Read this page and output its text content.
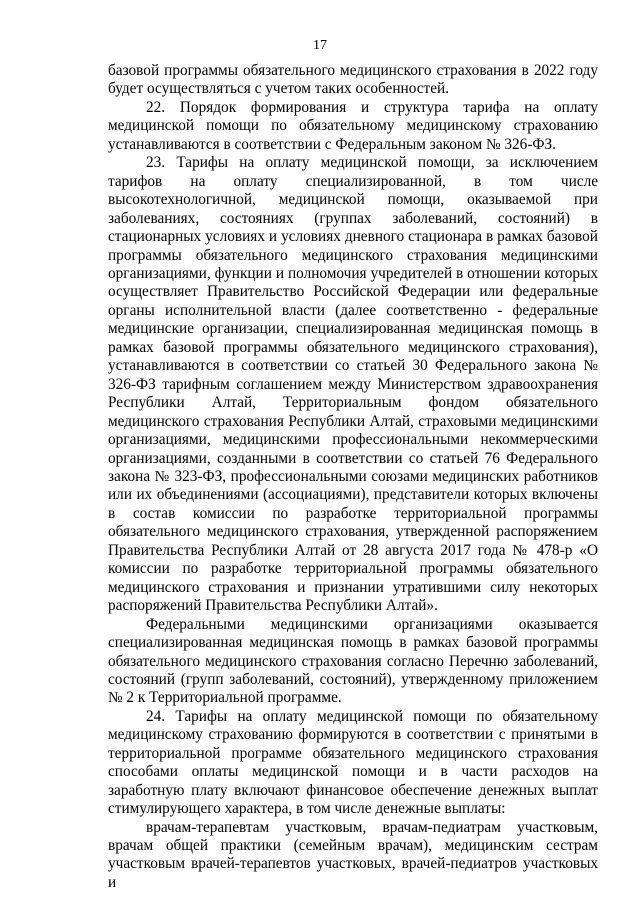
17

базовой программы обязательного медицинского страхования в 2022 году будет осуществляться с учетом таких особенностей.

22. Порядок формирования и структура тарифа на оплату медицинской помощи по обязательному медицинскому страхованию устанавливаются в соответствии с Федеральным законом № 326-ФЗ.

23. Тарифы на оплату медицинской помощи, за исключением тарифов на оплату специализированной, в том числе высокотехнологичной, медицинской помощи, оказываемой при заболеваниях, состояниях (группах заболеваний, состояний) в стационарных условиях и условиях дневного стационара в рамках базовой программы обязательного медицинского страхования медицинскими организациями, функции и полномочия учредителей в отношении которых осуществляет Правительство Российской Федерации или федеральные органы исполнительной власти (далее соответственно - федеральные медицинские организации, специализированная медицинская помощь в рамках базовой программы обязательного медицинского страхования), устанавливаются в соответствии со статьей 30 Федерального закона № 326-ФЗ тарифным соглашением между Министерством здравоохранения Республики Алтай, Территориальным фондом обязательного медицинского страхования Республики Алтай, страховыми медицинскими организациями, медицинскими профессиональными некоммерческими организациями, созданными в соответствии со статьей 76 Федерального закона № 323-ФЗ, профессиональными союзами медицинских работников или их объединениями (ассоциациями), представители которых включены в состав комиссии по разработке территориальной программы обязательного медицинского страхования, утвержденной распоряжением Правительства Республики Алтай от 28 августа 2017 года № 478-р «О комиссии по разработке территориальной программы обязательного медицинского страхования и признании утратившими силу некоторых распоряжений Правительства Республики Алтай».

Федеральными медицинскими организациями оказывается специализированная медицинская помощь в рамках базовой программы обязательного медицинского страхования согласно Перечню заболеваний, состояний (групп заболеваний, состояний), утвержденному приложением № 2 к Территориальной программе.

24. Тарифы на оплату медицинской помощи по обязательному медицинскому страхованию формируются в соответствии с принятыми в территориальной программе обязательного медицинского страхования способами оплаты медицинской помощи и в части расходов на заработную плату включают финансовое обеспечение денежных выплат стимулирующего характера, в том числе денежные выплаты:

врачам-терапевтам участковым, врачам-педиатрам участковым, врачам общей практики (семейным врачам), медицинским сестрам участковым врачей-терапевтов участковых, врачей-педиатров участковых и
